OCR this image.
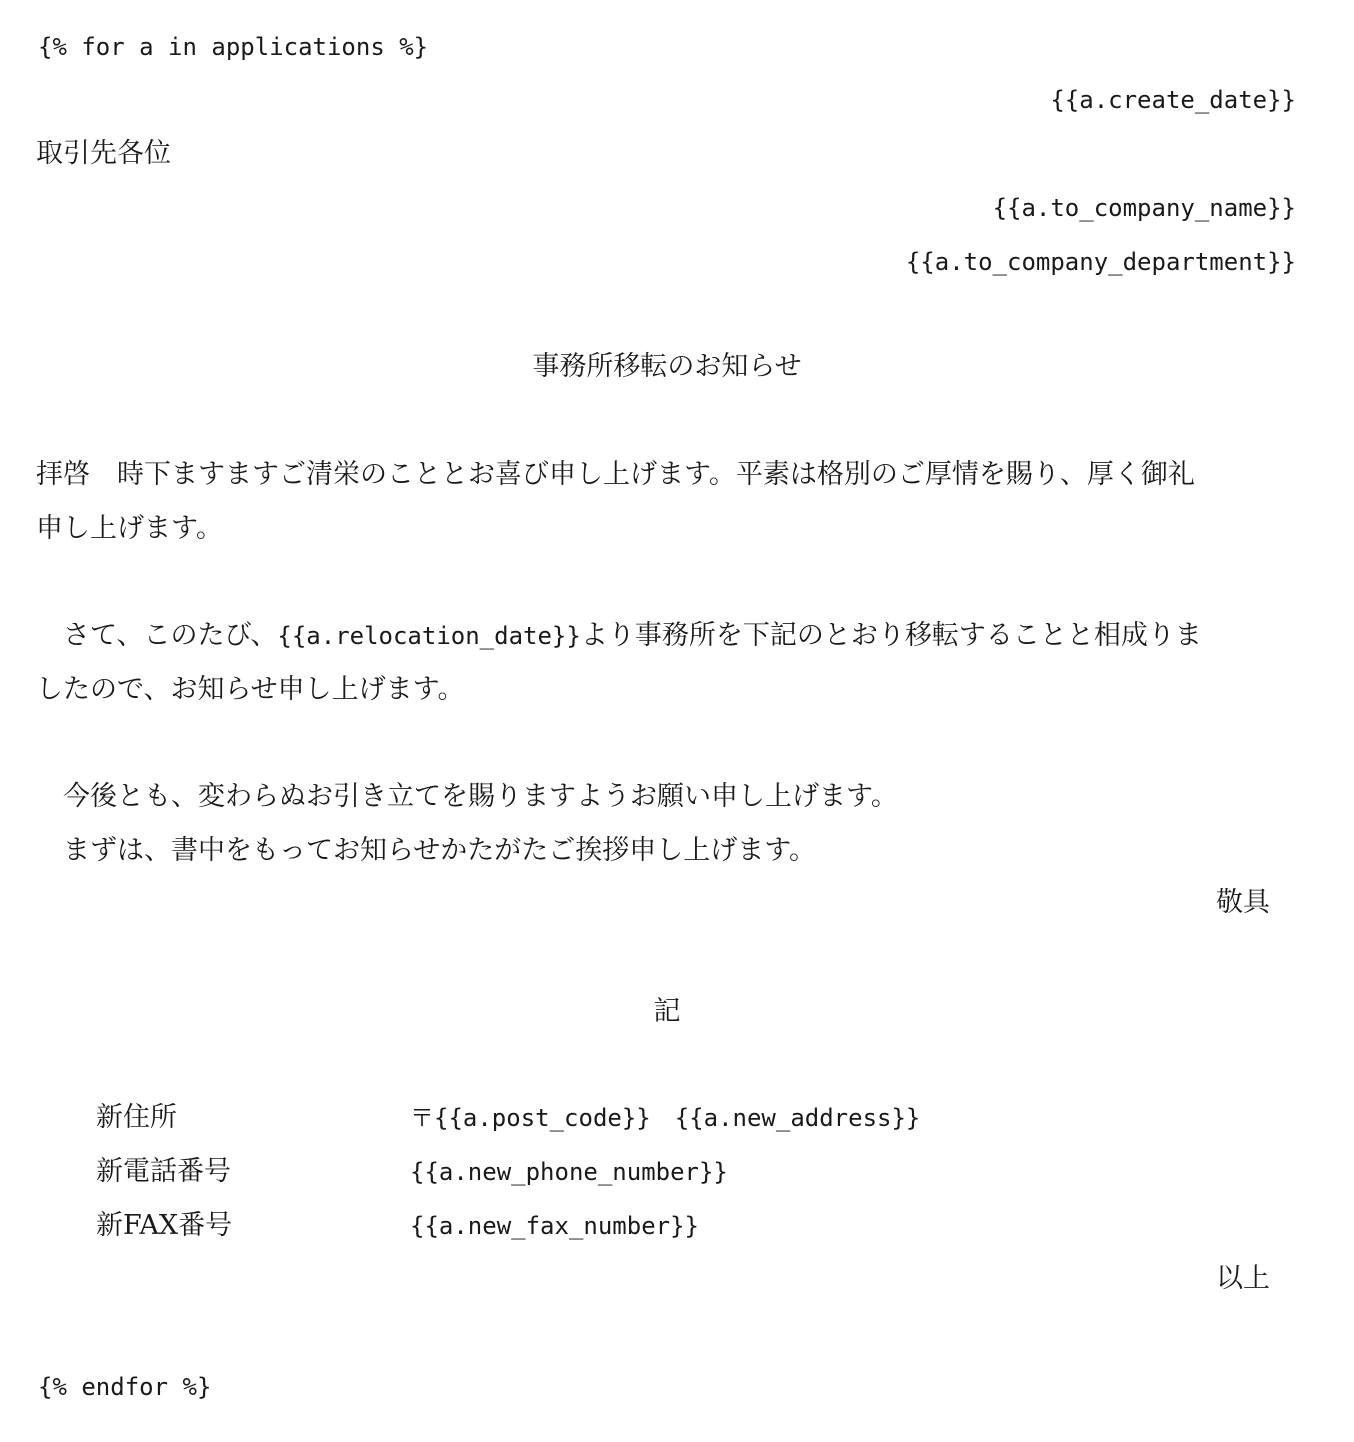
{% for a in applications %}
{{a.create_date}}
取引先各位
{{a.to_company_name}}
{{a.to_company_department}}
事務所移転のお知らせ
拝啓　時下ますますご清栄のこととお喜び申し上げます。平素は格別のご厚情を賜り、厚く御礼
申し上げます。
　さて、このたび、{{a.relocation_date}}より事務所を下記のとおり移転することと相成りま
したので、お知らせ申し上げます。
　今後とも、変わらぬお引き立てを賜りますようお願い申し上げます。
　まずは、書中をもってお知らせかたがたご挨拶申し上げます。
敬具
記
新住所	〒{{a.post_code}}　{{a.new_address}}
新電話番号	{{a.new_phone_number}}
新FAX番号	{{a.new_fax_number}}
以上
{% endfor %}
